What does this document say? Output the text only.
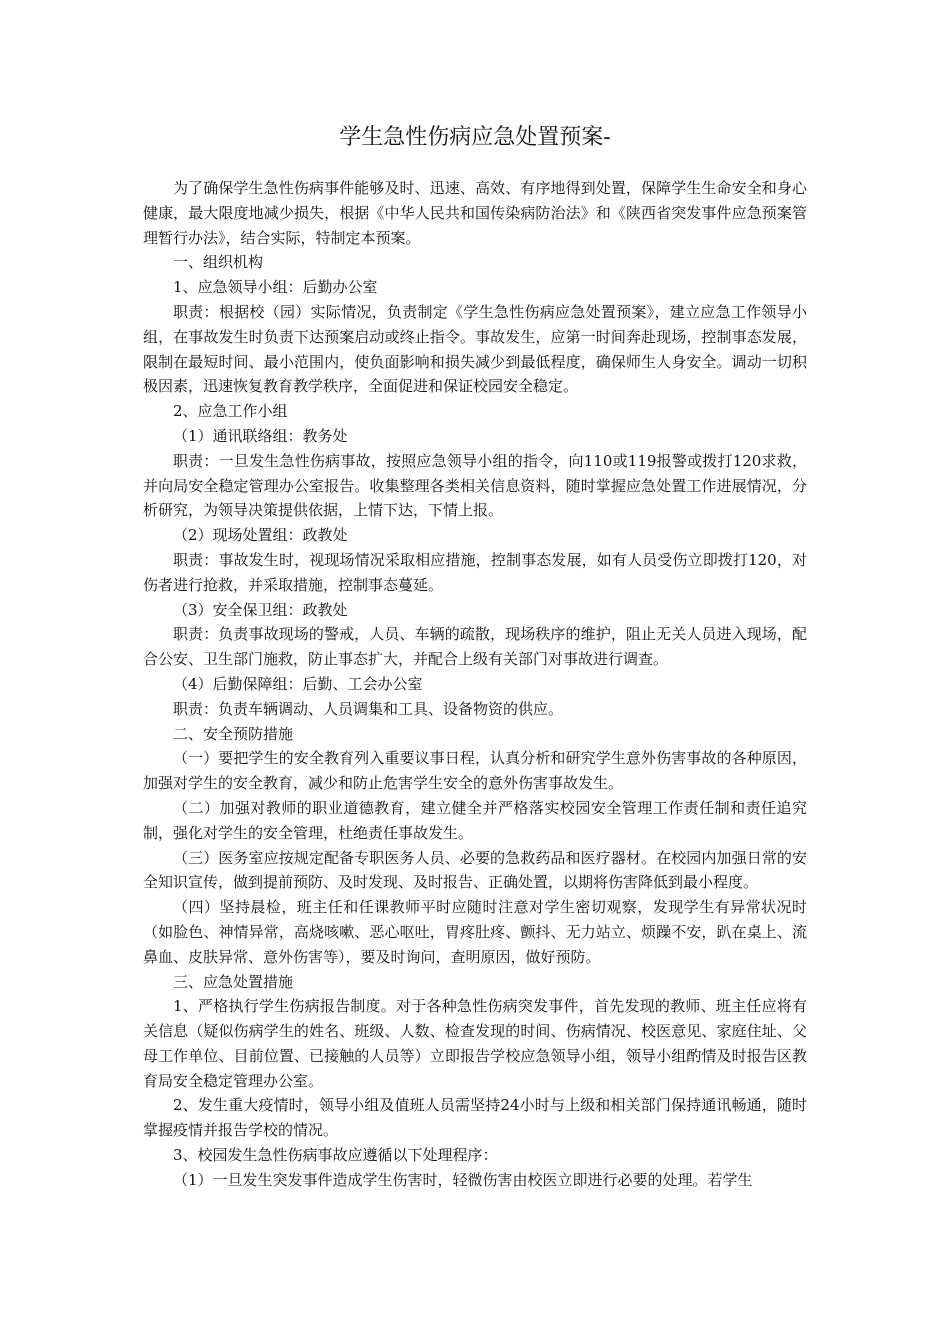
学生急性伤病应急处置预案-

为了确保学生急性伤病事件能够及时、迅速、高效、有序地得到处置，保障学生生命安全和身心健康，最大限度地减少损失，根据《中华人民共和国传染病防治法》和《陕西省突发事件应急预案管理暂行办法》，结合实际，特制定本预案。

一、组织机构

1、应急领导小组：后勤办公室

职责：根据校（园）实际情况，负责制定《学生急性伤病应急处置预案》，建立应急工作领导小组，在事故发生时负责下达预案启动或终止指令。事故发生，应第一时间奔赴现场，控制事态发展，限制在最短时间、最小范围内，使负面影响和损失减少到最低程度，确保师生人身安全。调动一切积极因素，迅速恢复教育教学秩序，全面促进和保证校园安全稳定。

2、应急工作小组

（1）通讯联络组：教务处

职责：一旦发生急性伤病事故，按照应急领导小组的指令，向110或119报警或拨打120求救，并向局安全稳定管理办公室报告。收集整理各类相关信息资料，随时掌握应急处置工作进展情况，分析研究，为领导决策提供依据，上情下达，下情上报。

（2）现场处置组：政教处

职责：事故发生时，视现场情况采取相应措施，控制事态发展，如有人员受伤立即拨打120，对伤者进行抢救，并采取措施，控制事态蔓延。

（3）安全保卫组：政教处

职责：负责事故现场的警戒，人员、车辆的疏散，现场秩序的维护，阻止无关人员进入现场，配合公安、卫生部门施救，防止事态扩大，并配合上级有关部门对事故进行调查。

（4）后勤保障组：后勤、工会办公室

职责：负责车辆调动、人员调集和工具、设备物资的供应。

二、安全预防措施

（一）要把学生的安全教育列入重要议事日程，认真分析和研究学生意外伤害事故的各种原因，加强对学生的安全教育，减少和防止危害学生安全的意外伤害事故发生。

（二）加强对教师的职业道德教育，建立健全并严格落实校园安全管理工作责任制和责任追究制，强化对学生的安全管理，杜绝责任事故发生。

（三）医务室应按规定配备专职医务人员、必要的急救药品和医疗器材。在校园内加强日常的安全知识宣传，做到提前预防、及时发现、及时报告、正确处置，以期将伤害降低到最小程度。

（四）坚持晨检，班主任和任课教师平时应随时注意对学生密切观察，发现学生有异常状况时（如脸色、神情异常，高烧咳嗽、恶心呕吐，胃疼肚疼、颤抖、无力站立、烦躁不安，趴在桌上、流鼻血、皮肤异常、意外伤害等），要及时询问，查明原因，做好预防。

三、应急处置措施

1、严格执行学生伤病报告制度。对于各种急性伤病突发事件，首先发现的教师、班主任应将有关信息（疑似伤病学生的姓名、班级、人数、检查发现的时间、伤病情况、校医意见、家庭住址、父母工作单位、目前位置、已接触的人员等）立即报告学校应急领导小组，领导小组酌情及时报告区教育局安全稳定管理办公室。

2、发生重大疫情时，领导小组及值班人员需坚持24小时与上级和相关部门保持通讯畅通，随时掌握疫情并报告学校的情况。

3、校园发生急性伤病事故应遵循以下处理程序：

（1）一旦发生突发事件造成学生伤害时，轻微伤害由校医立即进行必要的处理。若学生
